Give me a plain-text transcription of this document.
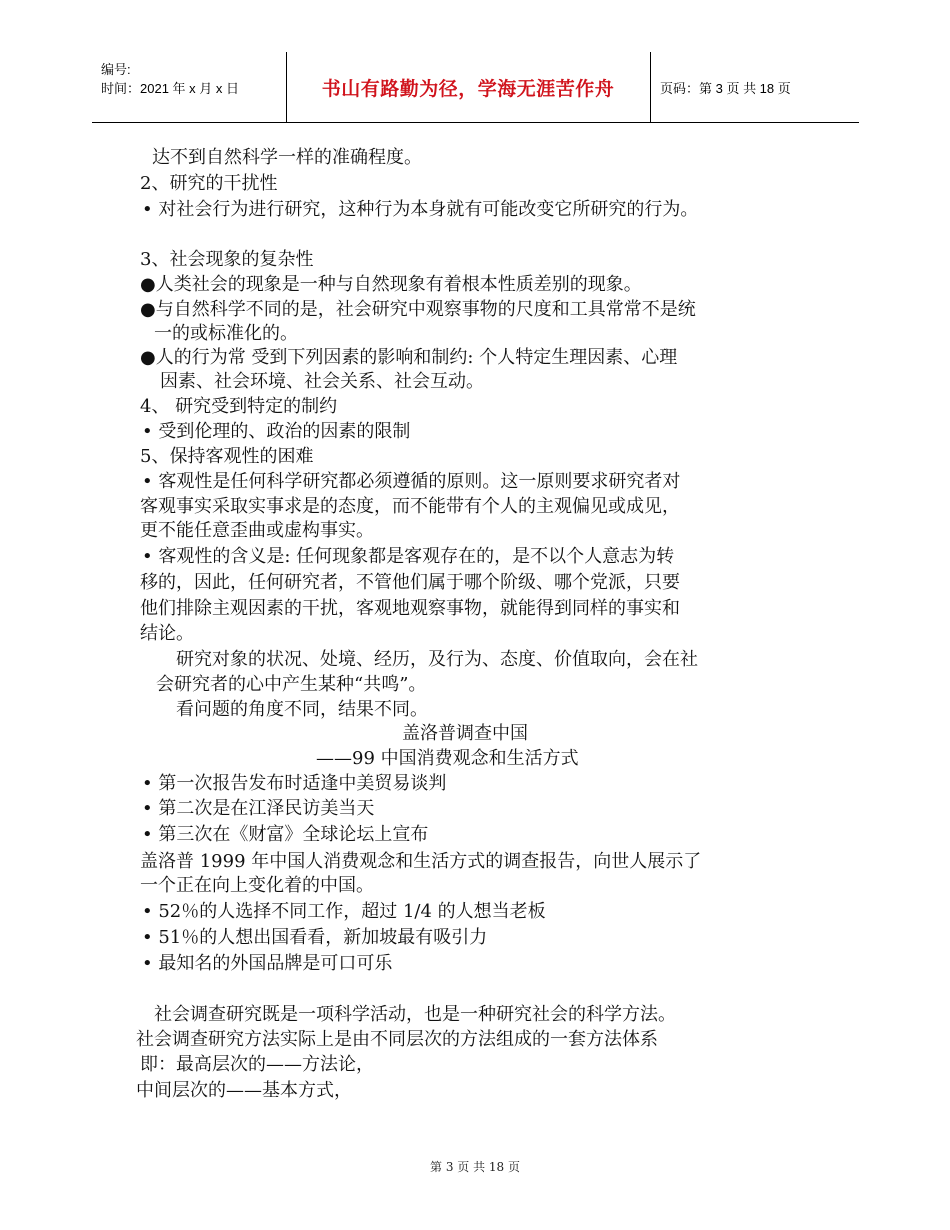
编号:
时间：2021 年 x 月 x 日	书山有路勤为径，学海无涯苦作舟	页码：第 3 页 共 18 页
达不到自然科学一样的准确程度。
2、研究的干扰性
• 对社会行为进行研究，这种行为本身就有可能改变它所研究的行为。
3、社会现象的复杂性
●人类社会的现象是一种与自然现象有着根本性质差别的现象。
●与自然科学不同的是，社会研究中观察事物的尺度和工具常常不是统
一的或标准化的。
●人的行为常 受到下列因素的影响和制约: 个人特定生理因素、心理
因素、社会环境、社会关系、社会互动。
4、 研究受到特定的制约
• 受到伦理的、政治的因素的限制
5、保持客观性的困难
• 客观性是任何科学研究都必须遵循的原则。这一原则要求研究者对
客观事实采取实事求是的态度，而不能带有个人的主观偏见或成见，
更不能任意歪曲或虚构事实。
• 客观性的含义是: 任何现象都是客观存在的，是不以个人意志为转
移的，因此，任何研究者，不管他们属于哪个阶级、哪个党派，只要
他们排除主观因素的干扰，客观地观察事物，就能得到同样的事实和
结论。
研究对象的状况、处境、经历，及行为、态度、价值取向，会在社
会研究者的心中产生某种“共鸣”。
看问题的角度不同，结果不同。
盖洛普调查中国
——99 中国消费观念和生活方式
• 第一次报告发布时适逢中美贸易谈判
• 第二次是在江泽民访美当天
• 第三次在《财富》全球论坛上宣布
盖洛普 1999 年中国人消费观念和生活方式的调查报告，向世人展示了
一个正在向上变化着的中国。
• 52％的人选择不同工作，超过 1/4 的人想当老板
• 51％的人想出国看看，新加坡最有吸引力
• 最知名的外国品牌是可口可乐
社会调查研究既是一项科学活动，也是一种研究社会的科学方法。
社会调查研究方法实际上是由不同层次的方法组成的一套方法体系
即：最高层次的——方法论，
中间层次的——基本方式，
第 3 页 共 18 页
